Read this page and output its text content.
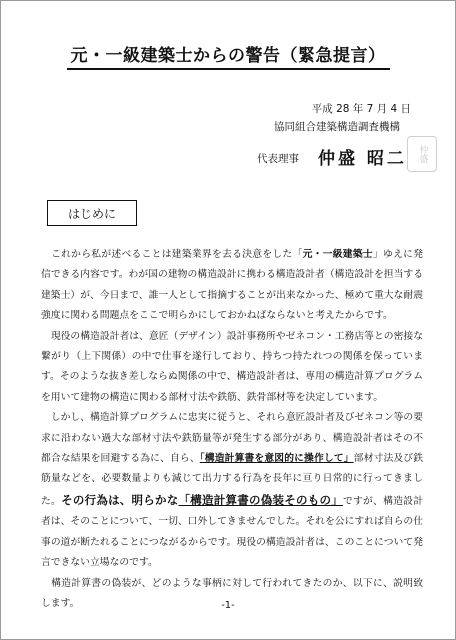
元・一級建築士からの警告（緊急提言）
平成 28 年 7 月 4 日
協同組合建築構造調査機構
代表理事 仲盛 昭二	仲盛
はじめに

　これから私が述べることは建築業界を去る決意をした「元・一級建築士」ゆえに発信できる内容です。わが国の建物の構造設計に携わる構造設計者（構造設計を担当する建築士）が、今日まで、誰一人として指摘することが出来なかった、極めて重大な耐震強度に関わる問題点をここで明らかにしておかねばならないと考えたからです。

　現役の構造設計者は、意匠（デザイン）設計事務所やゼネコン・工務店等との密接な繋がり（上下関係）の中で仕事を遂行しており、持ちつ持たれつの関係を保っています。そのような抜き差しならぬ関係の中で、構造設計者は、専用の構造計算プログラムを用いて建物の構造に関わる部材寸法や鉄筋、鉄骨部材等を決定しています。

　しかし、構造計算プログラムに忠実に従うと、それら意匠設計者及びゼネコン等の要求に沿わない過大な部材寸法や鉄筋量等が発生する部分があり、構造設計者はその不都合な結果を回避する為に、自ら、「構造計算書を意図的に操作して」部材寸法及び鉄筋量などを、必要数量よりも減じて出力する行為を長年に亘り日常的に行ってきました。その行為は、明らかな「構造計算書の偽装そのもの」ですが、構造設計者は、そのことについて、一切、口外してきませんでした。それを公にすれば自らの仕事の道が断たれることにつながるからです。現役の構造設計者は、このことについて発言できない立場なのです。

　構造計算書の偽装が、どのような事柄に対して行われてきたのか、以下に、説明致します。	-1-
